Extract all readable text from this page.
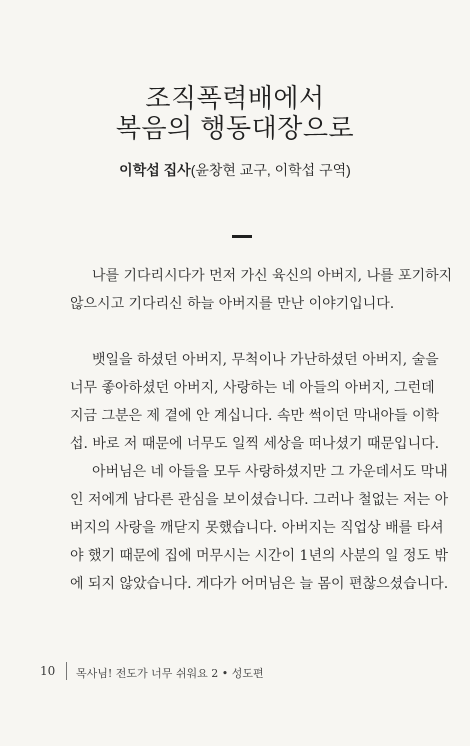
조직폭력배에서
복음의 행동대장으로
이학섭 집사(윤창현 교구, 이학섭 구역)
나를 기다리시다가 먼저 가신 육신의 아버지, 나를 포기하지
않으시고 기다리신 하늘 아버지를 만난 이야기입니다.
뱃일을 하셨던 아버지, 무척이나 가난하셨던 아버지, 술을
너무 좋아하셨던 아버지, 사랑하는 네 아들의 아버지, 그런데
지금 그분은 제 곁에 안 계십니다. 속만 썩이던 막내아들 이학
섭. 바로 저 때문에 너무도 일찍 세상을 떠나셨기 때문입니다.
아버님은 네 아들을 모두 사랑하셨지만 그 가운데서도 막내
인 저에게 남다른 관심을 보이셨습니다. 그러나 철없는 저는 아
버지의 사랑을 깨닫지 못했습니다. 아버지는 직업상 배를 타셔
야 했기 때문에 집에 머무시는 시간이 1년의 사분의 일 정도 밖
에 되지 않았습니다. 게다가 어머님은 늘 몸이 편찮으셨습니다.
10 목사님! 전도가 너무 쉬워요 2 • 성도편
